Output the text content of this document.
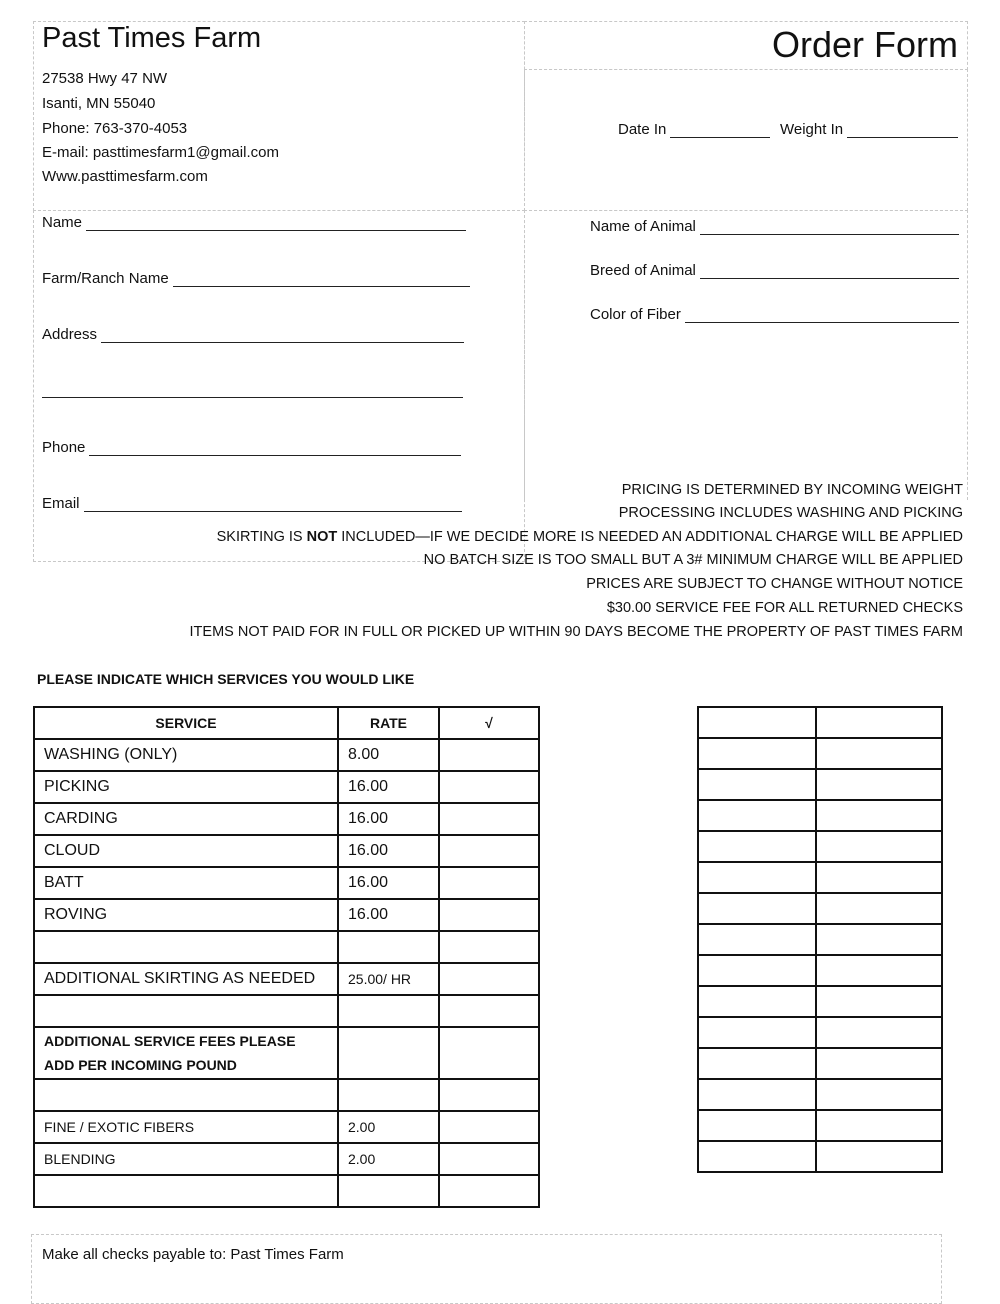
Past Times Farm	Order Form
27538 Hwy 47 NW
Isanti, MN 55040
Phone: 763-370-4053
E-mail: pasttimesfarm1@gmail.com
Www.pasttimesfarm.com
Date In	Weight In
Name
Farm/Ranch Name
Address
Phone
Email
Name of Animal
Breed of Animal
Color of Fiber
PRICING IS DETERMINED BY INCOMING WEIGHT
PROCESSING INCLUDES WASHING AND PICKING
SKIRTING IS NOT INCLUDED—IF WE DECIDE MORE IS NEEDED AN ADDITIONAL CHARGE WILL BE APPLIED
NO BATCH SIZE IS TOO SMALL BUT A 3# MINIMUM CHARGE WILL BE APPLIED
PRICES ARE SUBJECT TO CHANGE WITHOUT NOTICE
$30.00 SERVICE FEE FOR ALL RETURNED CHECKS
ITEMS NOT PAID FOR IN FULL OR PICKED UP WITHIN 90 DAYS BECOME THE PROPERTY OF PAST TIMES FARM
PLEASE INDICATE WHICH SERVICES YOU WOULD LIKE
SERVICE	RATE	√
WASHING (ONLY)	8.00	
PICKING	16.00	
CARDING	16.00	
CLOUD	16.00	
BATT	16.00	
ROVING	16.00	

ADDITIONAL SKIRTING AS NEEDED	25.00/ HR	

ADDITIONAL SERVICE FEES PLEASE ADD PER INCOMING POUND		

FINE / EXOTIC FIBERS	2.00	
BLENDING	2.00	

Make all checks payable to: Past Times Farm
